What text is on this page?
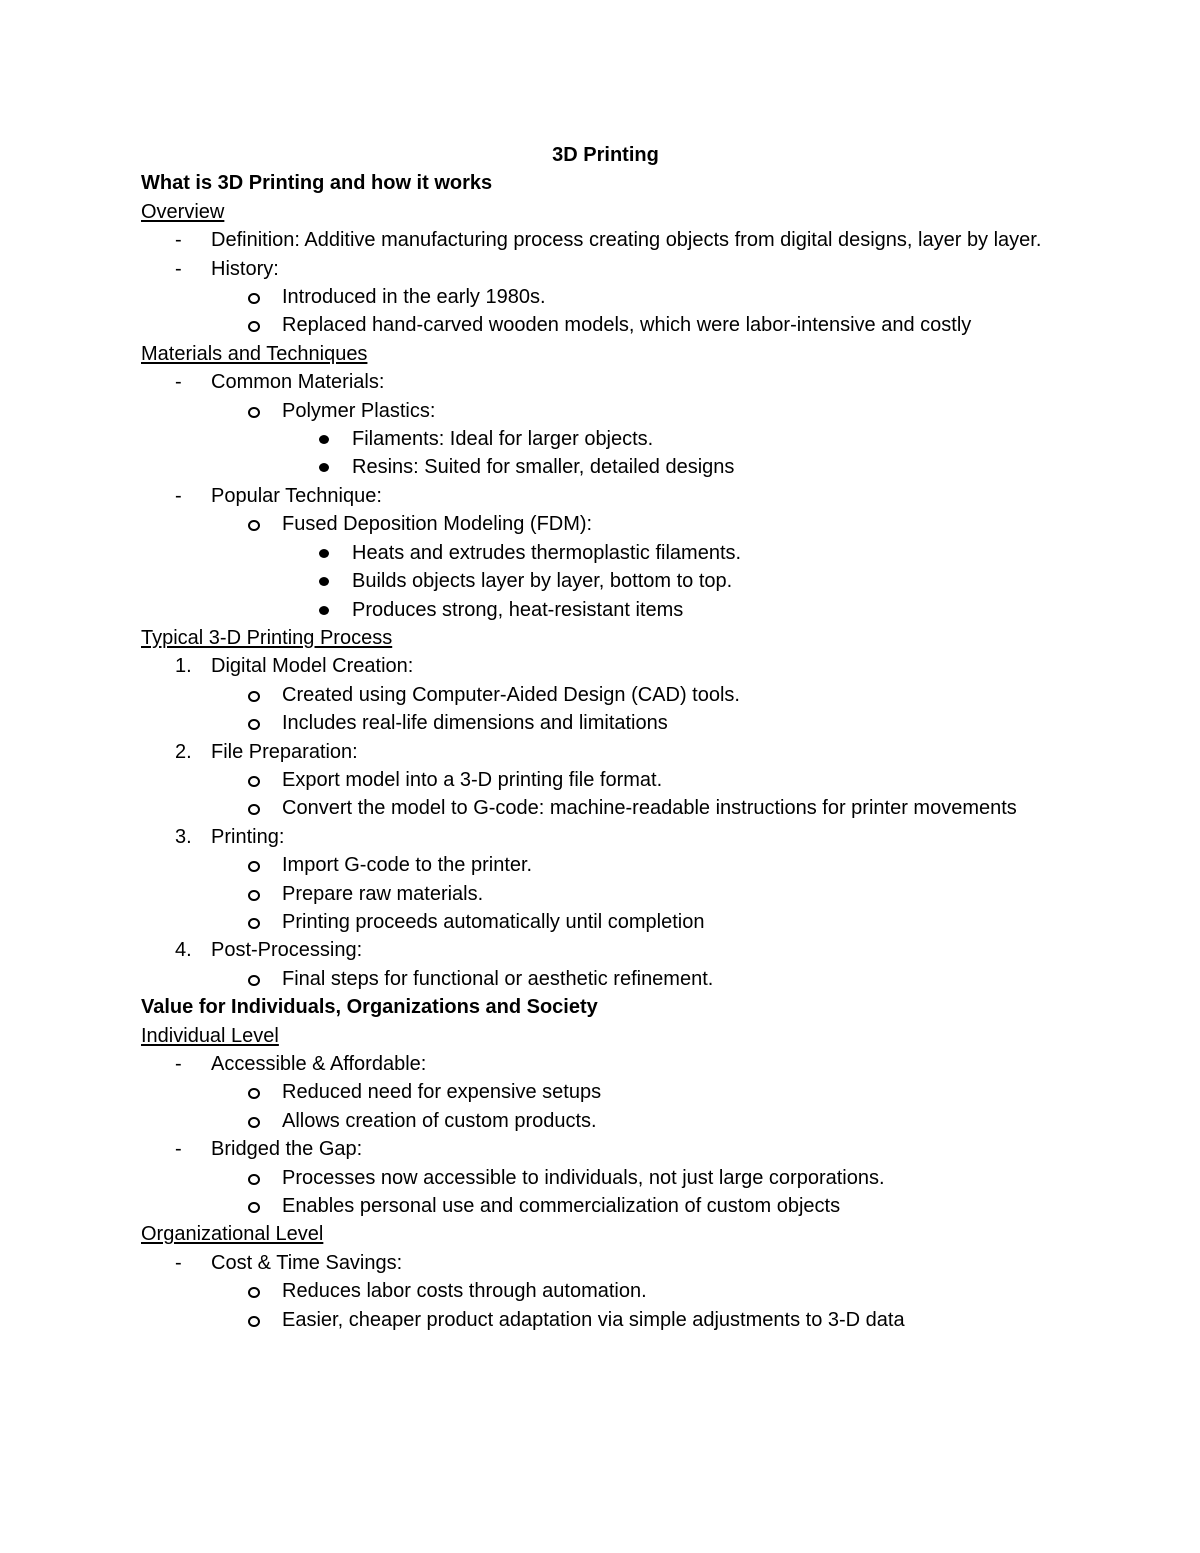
3D Printing
What is 3D Printing and how it works
Overview
- Definition: Additive manufacturing process creating objects from digital designs, layer by layer.
- History:
Introduced in the early 1980s.
Replaced hand-carved wooden models, which were labor-intensive and costly
Materials and Techniques
- Common Materials:
Polymer Plastics:
Filaments: Ideal for larger objects.
Resins: Suited for smaller, detailed designs
- Popular Technique:
Fused Deposition Modeling (FDM):
Heats and extrudes thermoplastic filaments.
Builds objects layer by layer, bottom to top.
Produces strong, heat-resistant items
Typical 3-D Printing Process
1. Digital Model Creation:
Created using Computer-Aided Design (CAD) tools.
Includes real-life dimensions and limitations
2. File Preparation:
Export model into a 3-D printing file format.
Convert the model to G-code: machine-readable instructions for printer movements
3. Printing:
Import G-code to the printer.
Prepare raw materials.
Printing proceeds automatically until completion
4. Post-Processing:
Final steps for functional or aesthetic refinement.
Value for Individuals, Organizations and Society
Individual Level
- Accessible & Affordable:
Reduced need for expensive setups
Allows creation of custom products.
- Bridged the Gap:
Processes now accessible to individuals, not just large corporations.
Enables personal use and commercialization of custom objects
Organizational Level
- Cost & Time Savings:
Reduces labor costs through automation.
Easier, cheaper product adaptation via simple adjustments to 3-D data
